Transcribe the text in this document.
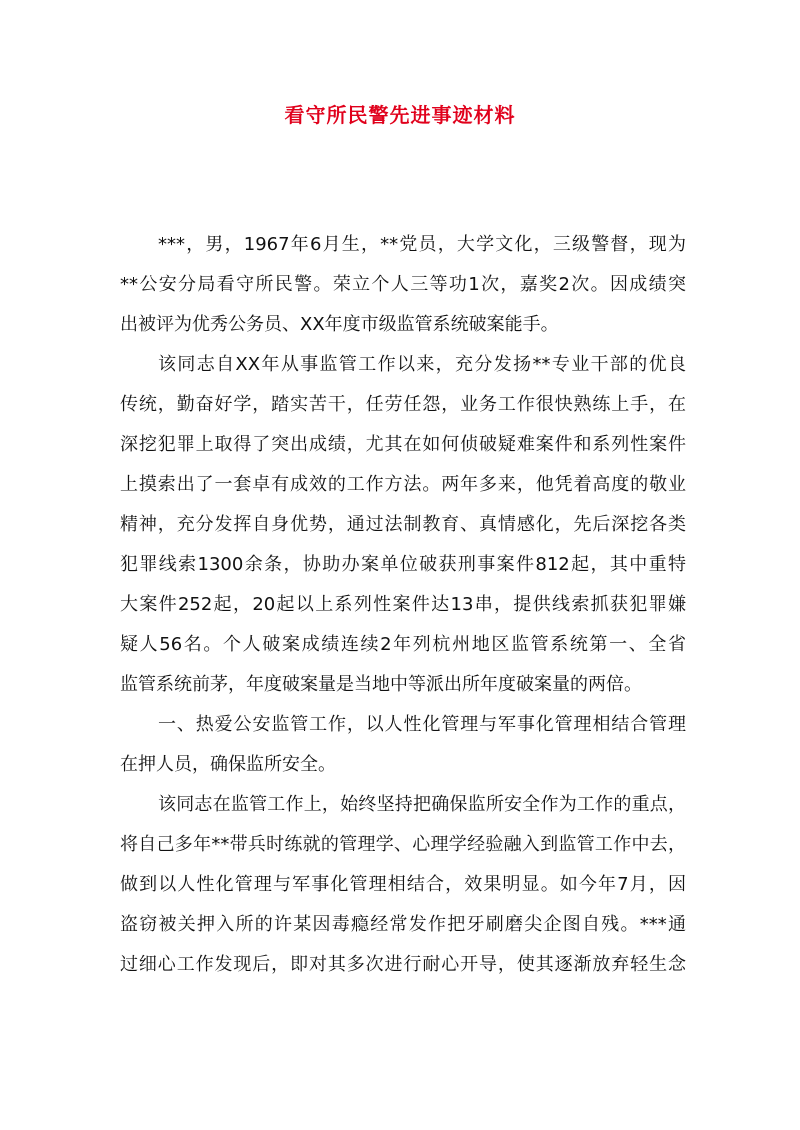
看守所民警先进事迹材料
***，男，1967年6月生，**党员，大学文化，三级警督，现为
**公安分局看守所民警。荣立个人三等功1次，嘉奖2次。因成绩突
出被评为优秀公务员、XX年度市级监管系统破案能手。
该同志自XX年从事监管工作以来，充分发扬**专业干部的优良
传统，勤奋好学，踏实苦干，任劳任怨，业务工作很快熟练上手，在
深挖犯罪上取得了突出成绩，尤其在如何侦破疑难案件和系列性案件
上摸索出了一套卓有成效的工作方法。两年多来，他凭着高度的敬业
精神，充分发挥自身优势，通过法制教育、真情感化，先后深挖各类
犯罪线索1300余条，协助办案单位破获刑事案件812起，其中重特
大案件252起，20起以上系列性案件达13串，提供线索抓获犯罪嫌
疑人56名。个人破案成绩连续2年列杭州地区监管系统第一、全省
监管系统前茅，年度破案量是当地中等派出所年度破案量的两倍。
一、热爱公安监管工作，以人性化管理与军事化管理相结合管理
在押人员，确保监所安全。
该同志在监管工作上，始终坚持把确保监所安全作为工作的重点，
将自己多年**带兵时练就的管理学、心理学经验融入到监管工作中去，
做到以人性化管理与军事化管理相结合，效果明显。如今年7月，因
盗窃被关押入所的许某因毒瘾经常发作把牙刷磨尖企图自残。***通
过细心工作发现后，即对其多次进行耐心开导，使其逐渐放弃轻生念
